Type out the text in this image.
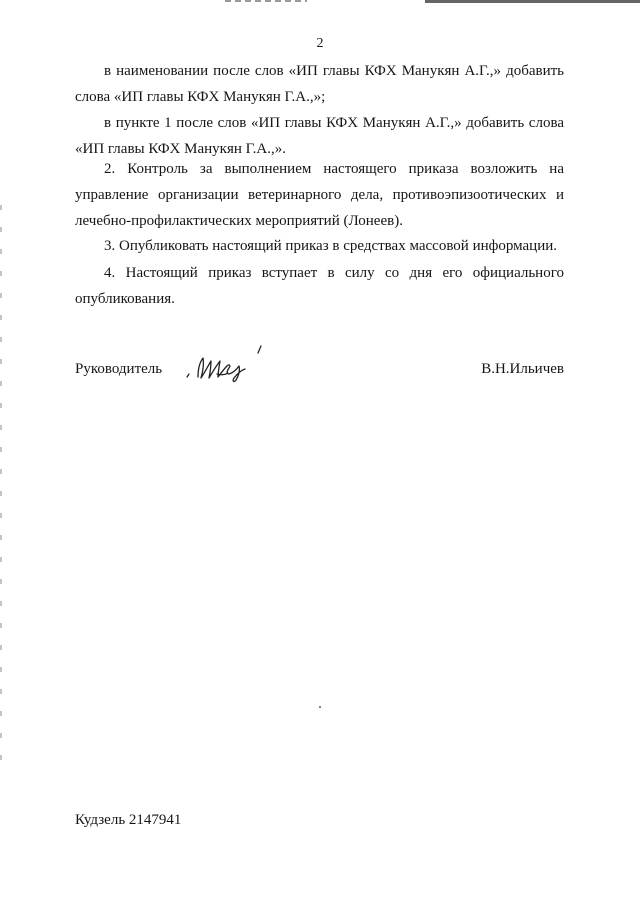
2
в наименовании после слов «ИП главы КФХ Манукян А.Г.,» добавить
слова «ИП главы КФХ Манукян Г.А.,»;
в пункте 1 после слов «ИП главы КФХ Манукян А.Г.,» добавить слова
«ИП главы КФХ Манукян Г.А.,».
2. Контроль за выполнением настоящего приказа возложить на
управление организации ветеринарного дела, противоэпизоотических и
лечебно-профилактических мероприятий (Лонеев).
3. Опубликовать настоящий приказ в средствах массовой информации.
4. Настоящий приказ вступает в силу со дня его официального
опубликования.
Руководитель	В.Н.Ильичев
Кудзель 2147941
